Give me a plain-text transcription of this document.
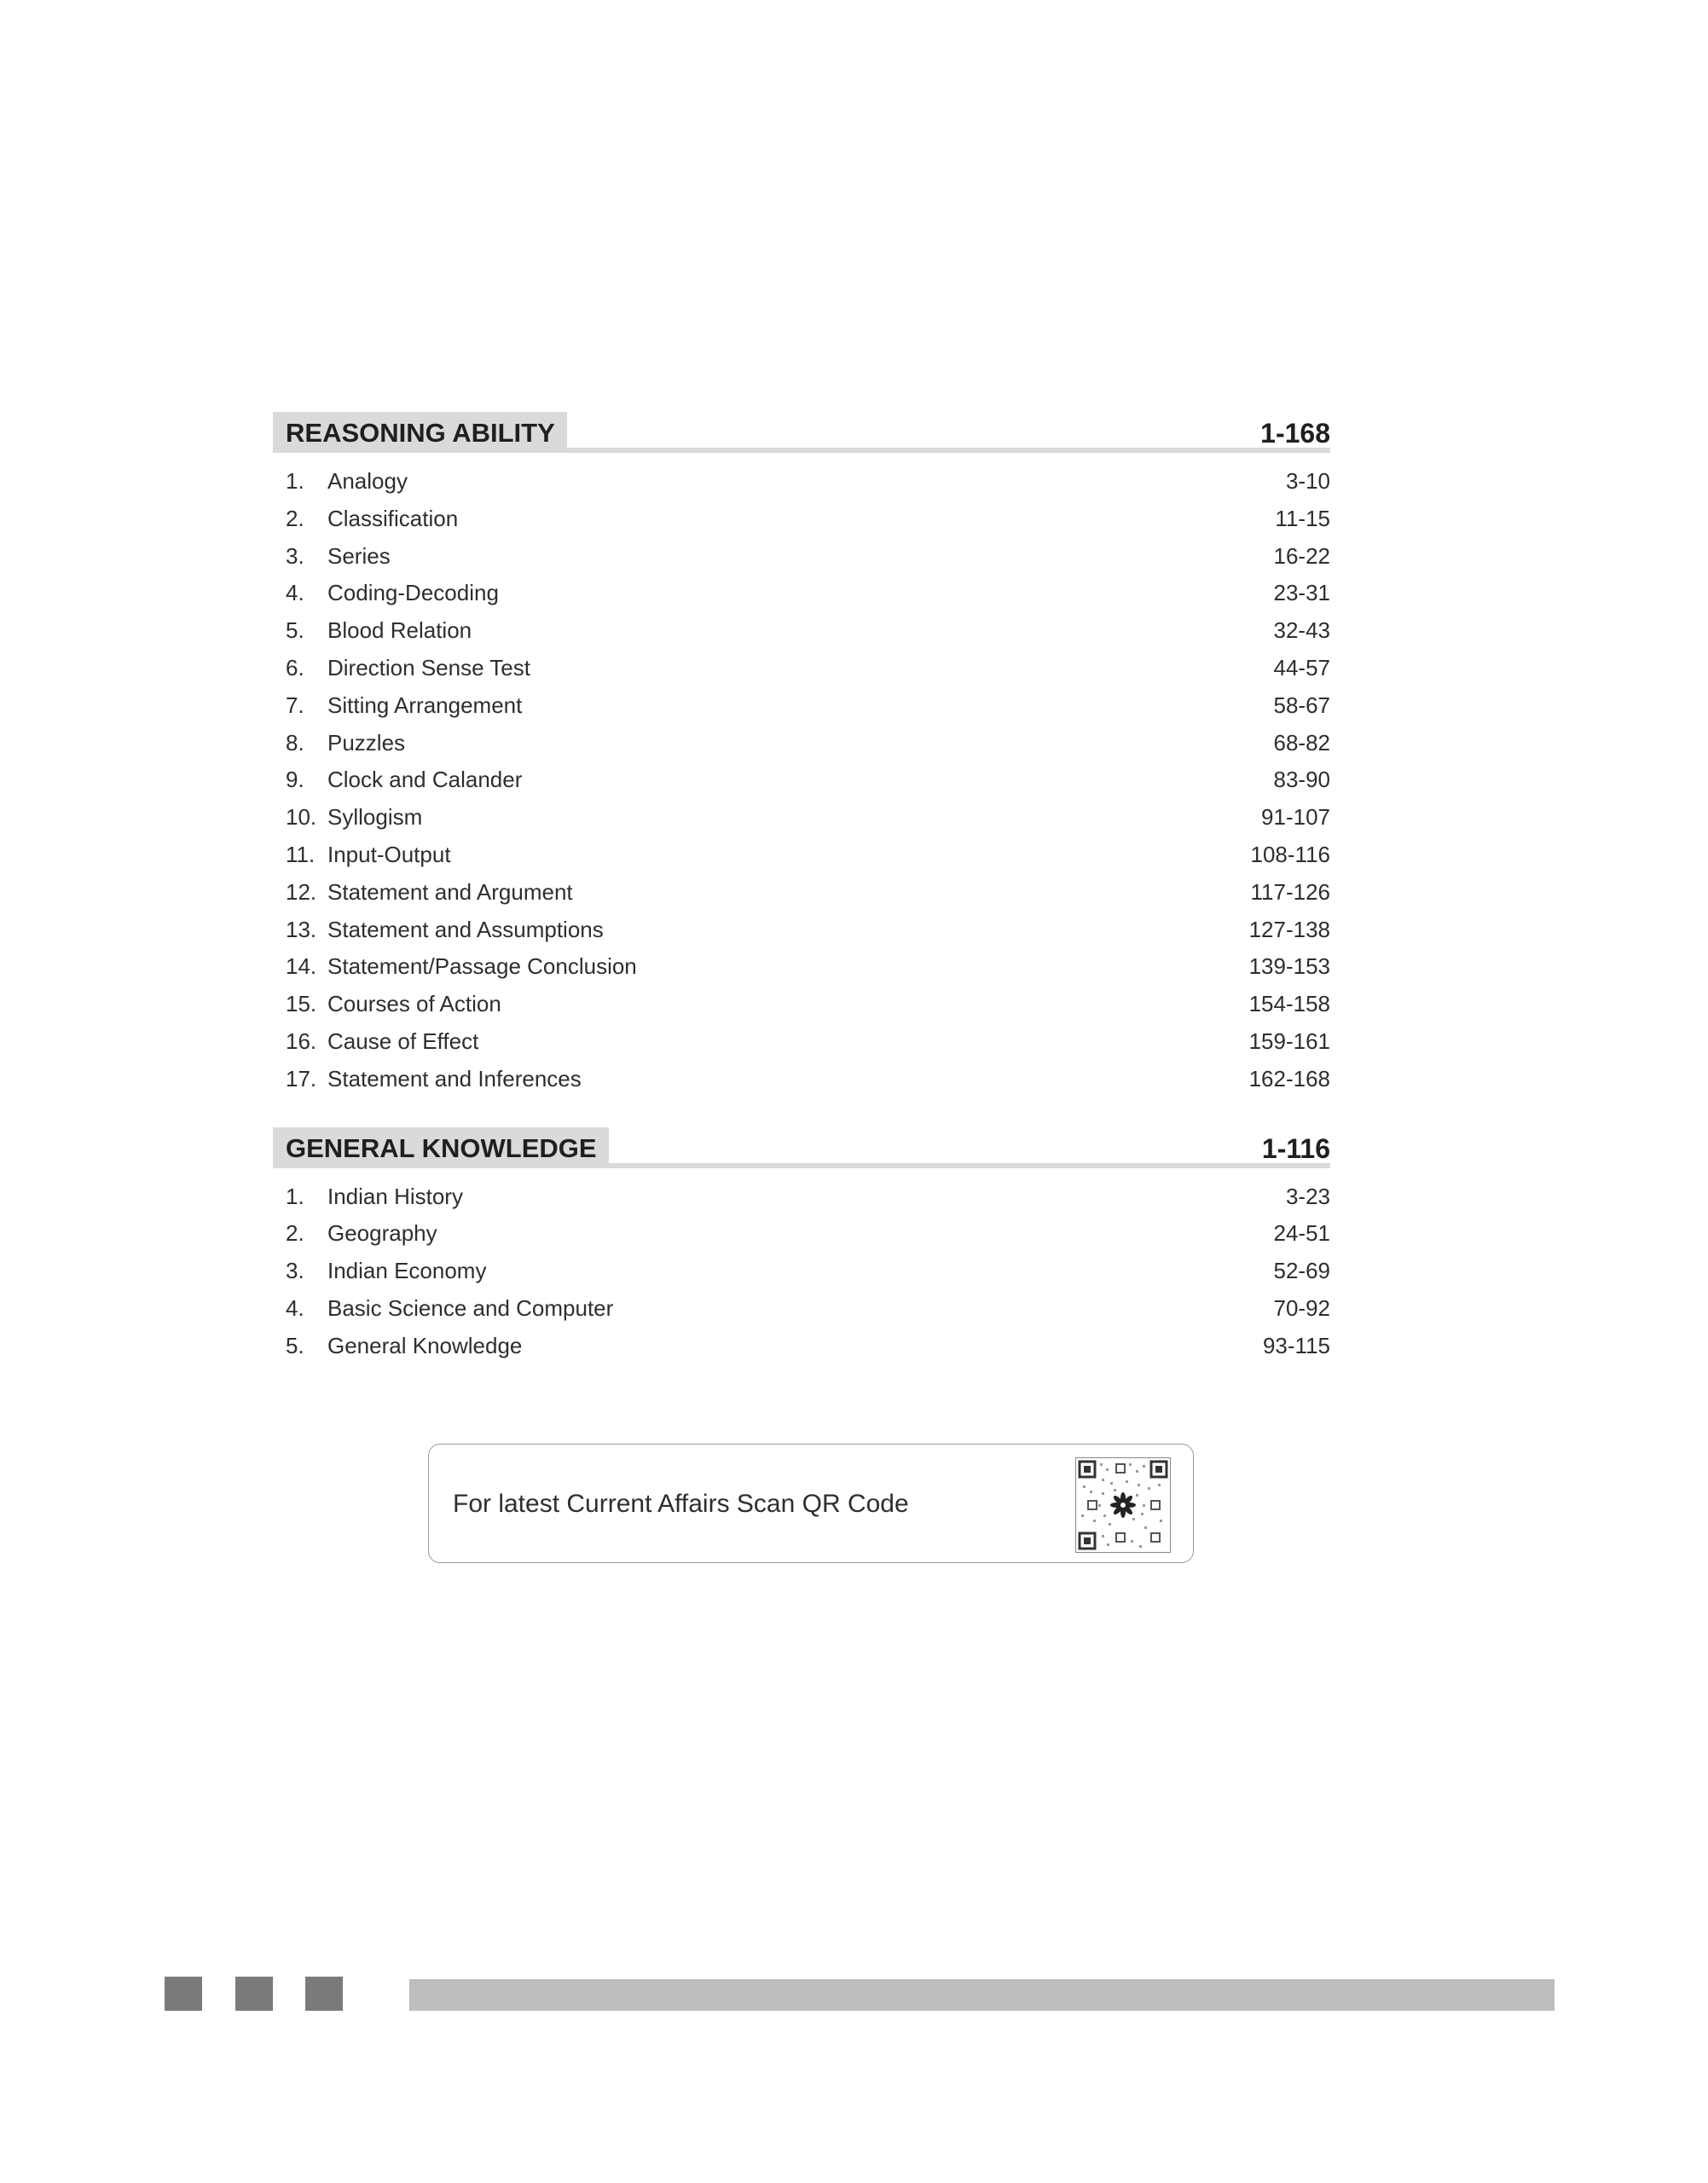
REASONING ABILITY	1-168
1. Analogy	3-10
2. Classification	11-15
3. Series	16-22
4. Coding-Decoding	23-31
5. Blood Relation	32-43
6. Direction Sense Test	44-57
7. Sitting Arrangement	58-67
8. Puzzles	68-82
9. Clock and Calander	83-90
10. Syllogism	91-107
11. Input-Output	108-116
12. Statement and Argument	117-126
13. Statement and Assumptions	127-138
14. Statement/Passage Conclusion	139-153
15. Courses of Action	154-158
16. Cause of Effect	159-161
17. Statement and Inferences	162-168
GENERAL KNOWLEDGE	1-116
1. Indian History	3-23
2. Geography	24-51
3. Indian Economy	52-69
4. Basic Science and Computer	70-92
5. General Knowledge	93-115
For latest Current Affairs Scan QR Code
